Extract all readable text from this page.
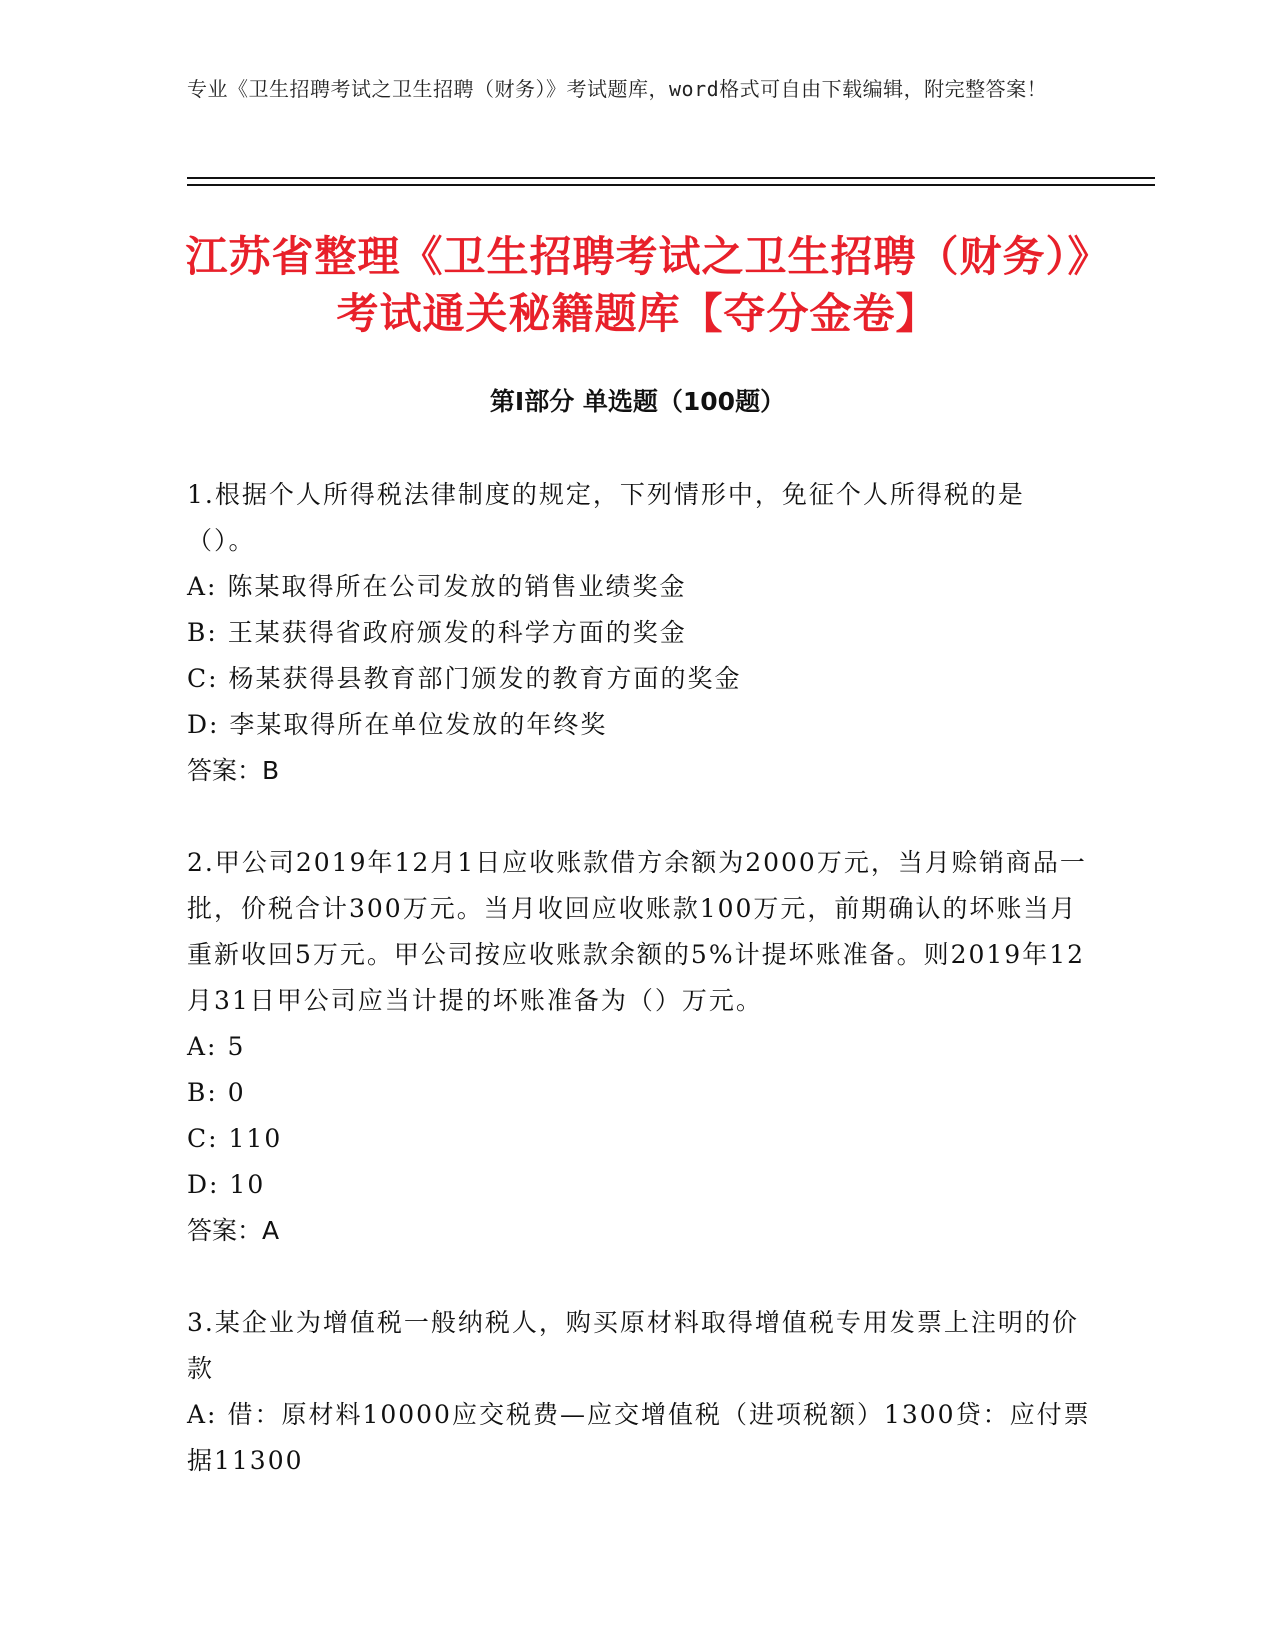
专业《卫生招聘考试之卫生招聘（财务）》考试题库，word格式可自由下载编辑，附完整答案！
江苏省整理《卫生招聘考试之卫生招聘（财务）》考试通关秘籍题库【夺分金卷】
第I部分 单选题（100题）

1.根据个人所得税法律制度的规定，下列情形中，免征个人所得税的是（）。

A: 陈某取得所在公司发放的销售业绩奖金

B: 王某获得省政府颁发的科学方面的奖金

C: 杨某获得县教育部门颁发的教育方面的奖金

D: 李某取得所在单位发放的年终奖

答案：B

2.甲公司2019年12月1日应收账款借方余额为2000万元，当月赊销商品一批，价税合计300万元。当月收回应收账款100万元，前期确认的坏账当月重新收回5万元。甲公司按应收账款余额的5%计提坏账准备。则2019年12月31日甲公司应当计提的坏账准备为（）万元。

A: 5

B: 0

C: 110

D: 10

答案：A

3.某企业为增值税一般纳税人，购买原材料取得增值税专用发票上注明的价款

A: 借：原材料10000应交税费—应交增值税（进项税额）1300贷：应付票据11300
